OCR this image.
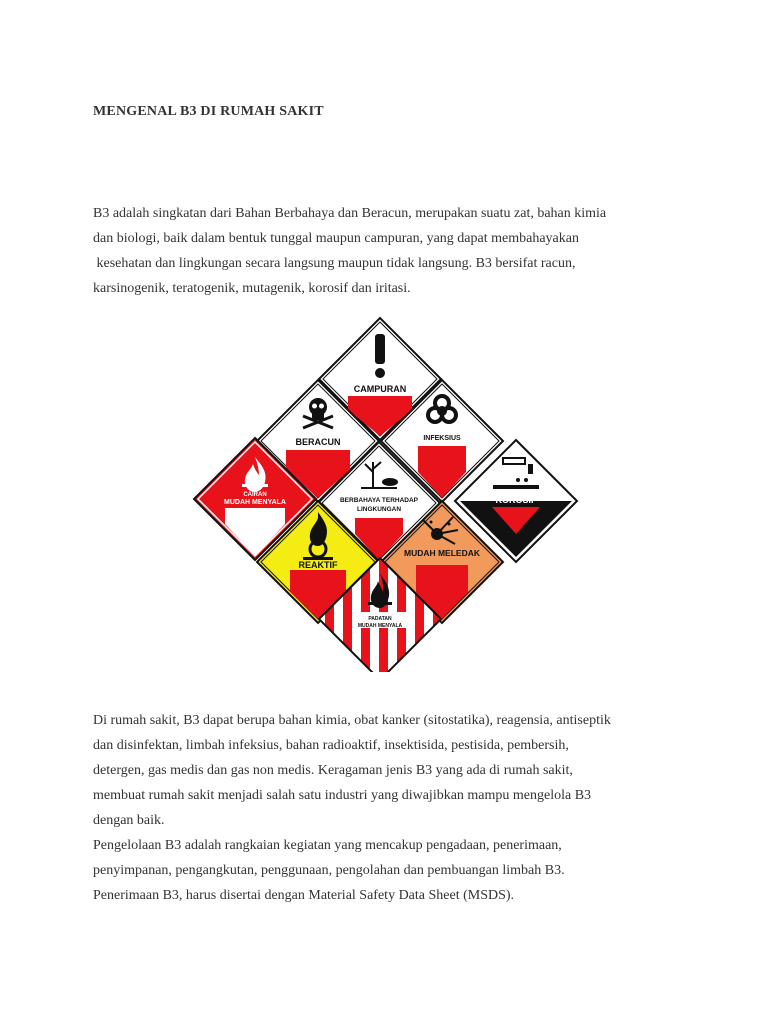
MENGENAL B3 DI RUMAH SAKIT
B3 adalah singkatan dari Bahan Berbahaya dan Beracun, merupakan suatu zat, bahan kimia
dan biologi, baik dalam bentuk tunggal maupun campuran, yang dapat membahayakan
kesehatan dan lingkungan secara langsung maupun tidak langsung. B3 bersifat racun,
karsinogenik, teratogenik, mutagenik, korosif dan iritasi.
CAMPURAN
BERACUN	INFEKSIUS
CAIRAN
MUDAH MENYALA	BERBAHAYA TERHADAP
LINGKUNGAN
KOROSIF
REAKTIF
MUDAH MELEDAK
PADATAN
MUDAH MENYALA
Di rumah sakit, B3 dapat berupa bahan kimia, obat kanker (sitostatika), reagensia, antiseptik
dan disinfektan, limbah infeksius, bahan radioaktif, insektisida, pestisida, pembersih,
detergen, gas medis dan gas non medis. Keragaman jenis B3 yang ada di rumah sakit,
membuat rumah sakit menjadi salah satu industri yang diwajibkan mampu mengelola B3
dengan baik.
Pengelolaan B3 adalah rangkaian kegiatan yang mencakup pengadaan, penerimaan,
penyimpanan, pengangkutan, penggunaan, pengolahan dan pembuangan limbah B3.
Penerimaan B3, harus disertai dengan Material Safety Data Sheet (MSDS).
